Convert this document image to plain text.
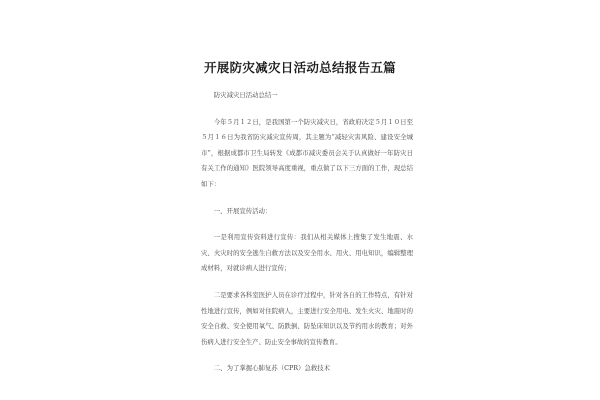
开展防灾减灾日活动总结报告五篇

防灾减灾日活动总结一

今年５月１２日，是我国第一个防灾减灾日，省政府决定５月１０日至５月１６日为我省防灾减灾宣传周，其主题为“减轻灾害风险、建设安全城市”，根据成都市卫生局转发《成都市减灾委员会关于认真做好一年防灾日有关工作的通知》医院领导高度重视，重点做了以下三方面的工作，现总结如下：

一、开展宣传活动：

一是利用宣传资料进行宣传：我们从相关媒体上搜集了发生地震、水灾、火灾时的安全逃生自救方法以及安全用水、用火、用电知识，编辑整理成材料，对就诊病人进行宣传；

二是要求各科室医护人员在诊疗过程中，针对各自的工作特点，有针对性地进行宣传，例如对住院病人，主要进行安全用电、发生火灾、地震时的安全自救、安全使用氧气、防跌倒、防坠床知识以及节约用水的教育；对外伤病人进行安全生产、防止安全事故的宣传教育。

二、为了掌握心肺复苏（CPR）急救技术
